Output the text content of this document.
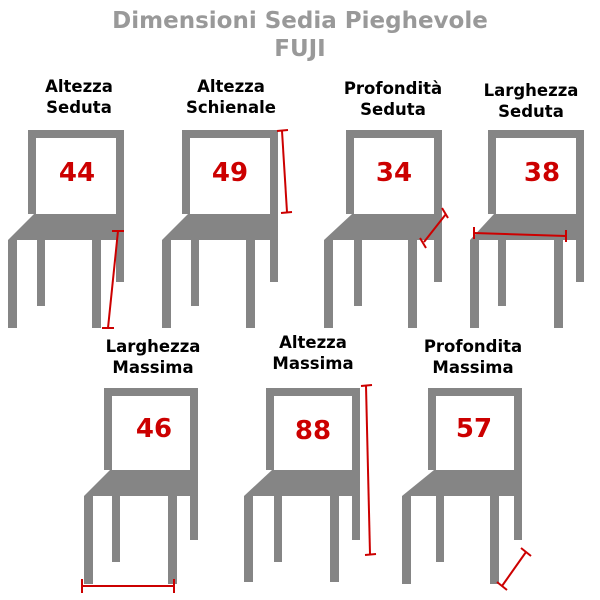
Dimensioni Sedia Pieghevole
FUJI
Altezza
Seduta
44
Altezza
Schienale
49
Profondità
Seduta
34
Larghezza
Seduta
38
Larghezza
Massima
46
Altezza
Massima
88
Profondita
Massima
57
